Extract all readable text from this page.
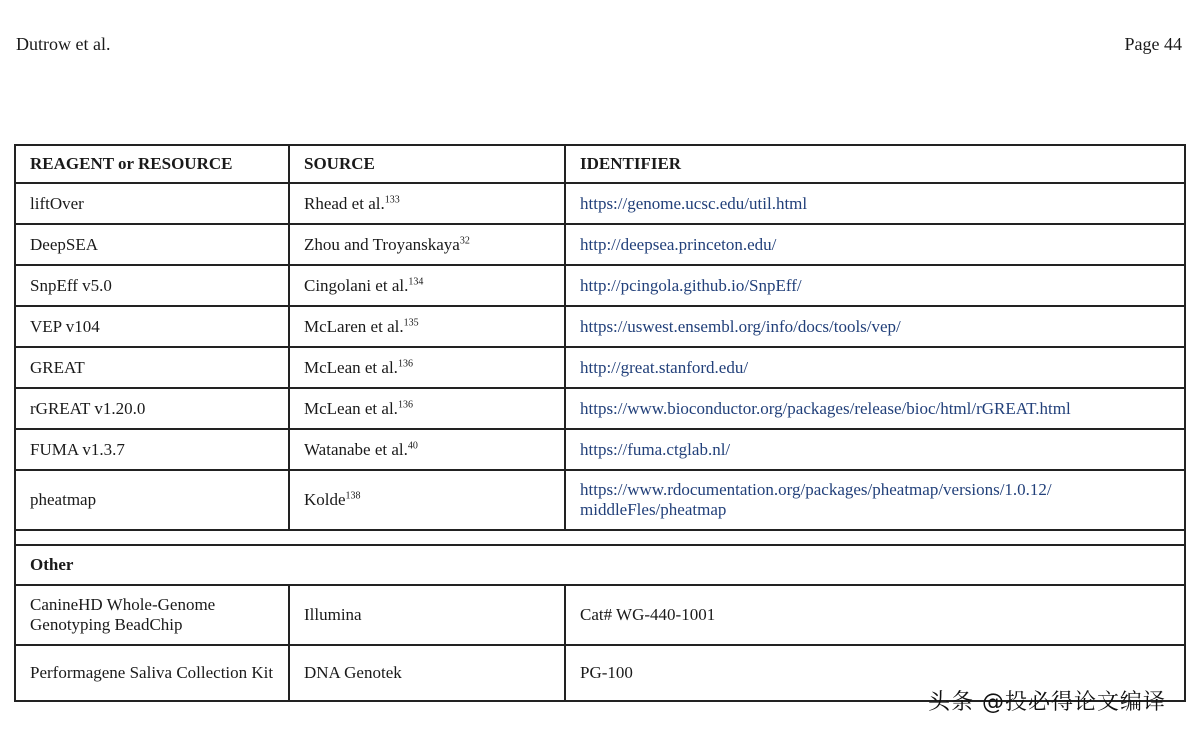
Dutrow et al.	Page 44
REAGENT or RESOURCE	SOURCE	IDENTIFIER
liftOver	Rhead et al.$^{133}$	https://genome.ucsc.edu/util.html
DeepSEA	Zhou and Troyanskaya$^{32}$	http://deepsea.princeton.edu/
SnpEff v5.0	Cingolani et al.$^{134}$	http://pcingola.github.io/SnpEff/
VEP v104	McLaren et al.$^{135}$	https://uswest.ensembl.org/info/docs/tools/vep/
GREAT	McLean et al.$^{136}$	http://great.stanford.edu/
rGREAT v1.20.0	McLean et al.$^{136}$	https://www.bioconductor.org/packages/release/bioc/html/rGREAT.html
FUMA v1.3.7	Watanabe et al.$^{40}$	https://fuma.ctglab.nl/
pheatmap	Kolde$^{138}$	https://www.rdocumentation.org/packages/pheatmap/versions/1.0.12/ middleFles/pheatmap

Other		
CanineHD Whole-Genome Genotyping BeadChip	Illumina	Cat# WG-440-1001
Performagene Saliva Collection Kit	DNA Genotek	PG-100
头条 @投必得论文编译
